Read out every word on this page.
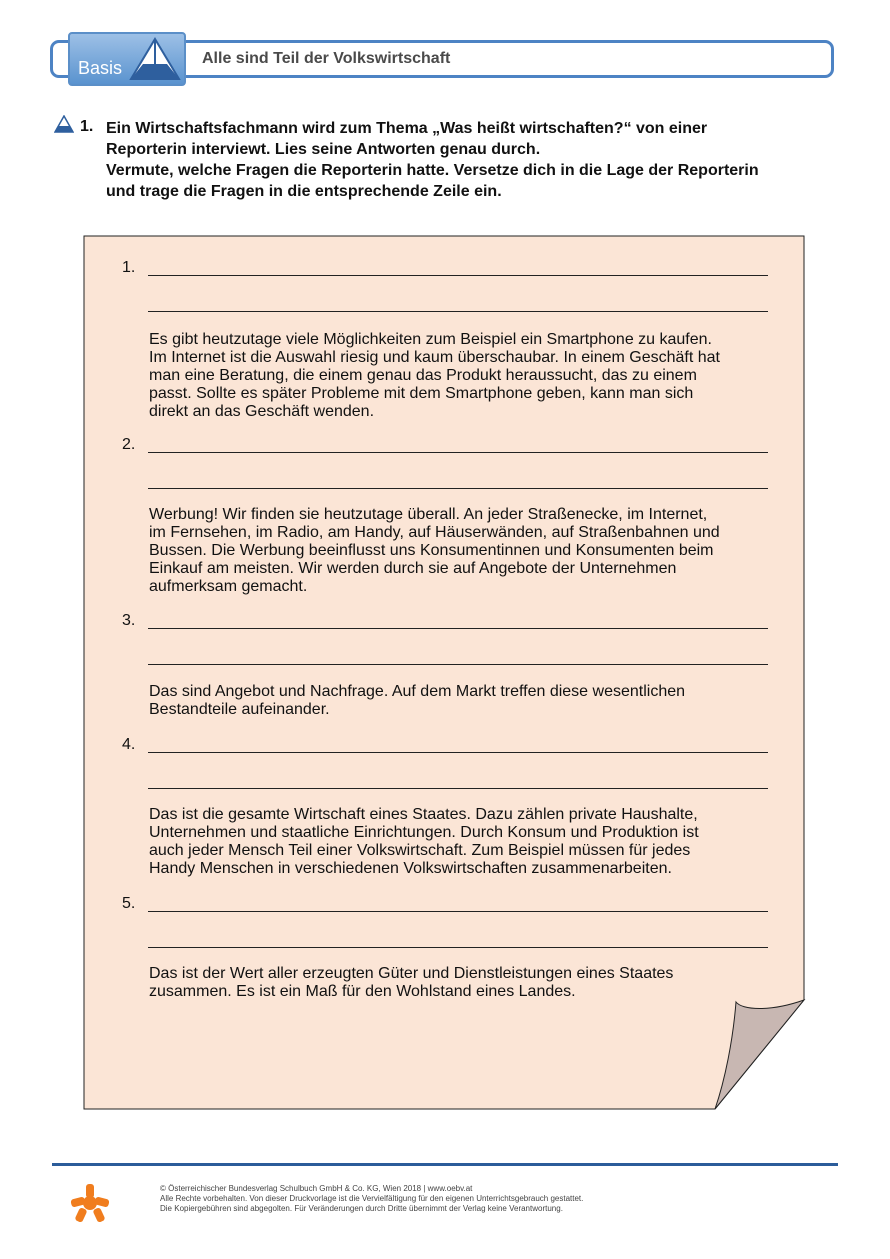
Basis	Alle sind Teil der Volkswirtschaft
1. Ein Wirtschaftsfachmann wird zum Thema „Was heißt wirtschaften?“ von einer
Reporterin interviewt. Lies seine Antworten genau durch.
Vermute, welche Fragen die Reporterin hatte. Versetze dich in die Lage der Reporterin
und trage die Fragen in die entsprechende Zeile ein.
1.
Es gibt heutzutage viele Möglichkeiten zum Beispiel ein Smartphone zu kaufen.
Im Internet ist die Auswahl riesig und kaum überschaubar. In einem Geschäft hat
man eine Beratung, die einem genau das Produkt heraussucht, das zu einem
passt. Sollte es später Probleme mit dem Smartphone geben, kann man sich
direkt an das Geschäft wenden.
2.
Werbung! Wir finden sie heutzutage überall. An jeder Straßenecke, im Internet,
im Fernsehen, im Radio, am Handy, auf Häuserwänden, auf Straßenbahnen und
Bussen. Die Werbung beeinflusst uns Konsumentinnen und Konsumenten beim
Einkauf am meisten. Wir werden durch sie auf Angebote der Unternehmen
aufmerksam gemacht.
3.
Das sind Angebot und Nachfrage. Auf dem Markt treffen diese wesentlichen
Bestandteile aufeinander.
4.
Das ist die gesamte Wirtschaft eines Staates. Dazu zählen private Haushalte,
Unternehmen und staatliche Einrichtungen. Durch Konsum und Produktion ist
auch jeder Mensch Teil einer Volkswirtschaft. Zum Beispiel müssen für jedes
Handy Menschen in verschiedenen Volkswirtschaften zusammenarbeiten.
5.
Das ist der Wert aller erzeugten Güter und Dienstleistungen eines Staates
zusammen. Es ist ein Maß für den Wohlstand eines Landes.
© Österreichischer Bundesverlag Schulbuch GmbH & Co. KG, Wien 2018 | www.oebv.at
Alle Rechte vorbehalten. Von dieser Druckvorlage ist die Vervielfältigung für den eigenen Unterrichtsgebrauch gestattet.
Die Kopiergebühren sind abgegolten. Für Veränderungen durch Dritte übernimmt der Verlag keine Verantwortung.
